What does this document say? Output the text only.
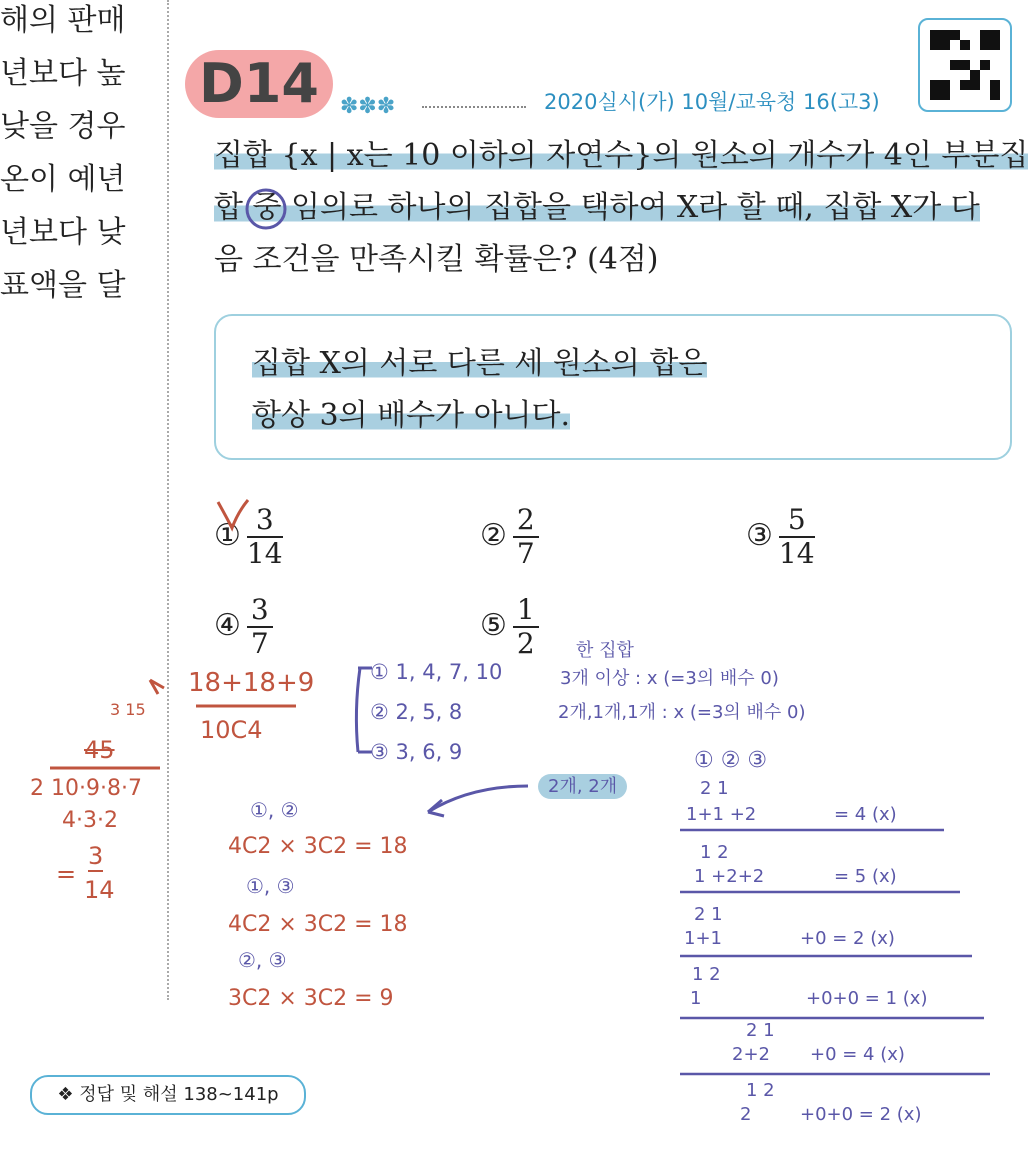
해의 판매
년보다 높
낮을 경우
온이 예년
년보다 낮
표액을 달
D14 ✽✽✽	2020실시(가) 10월/교육청 16(고3)
집합 {x | x는 10 이하의 자연수}의 원소의 개수가 4인 부분집
합 중 임의로 하나의 집합을 택하여 X라 할 때, 집합 X가 다
음 조건을 만족시킬 확률은? (4점)
집합 X의 서로 다른 세 원소의 합은
항상 3의 배수가 아니다.
① $\frac{3}{14}$	② $\frac{2}{7}$	③ $\frac{5}{14}$
④ $\frac{3}{7}$	⑤ $\frac{1}{2}$
18+18+9
10C4
3 15
45
2 10·9·8·7
4·3·2
=
3
14
① 1, 4, 7, 10
② 2, 5, 8
③ 3, 6, 9
한 집합
3개 이상 : x (=3의 배수 0)
2개,1개,1개 : x (=3의 배수 0)
2개, 2개
①, ②
4C2 × 3C2 = 18
①, ③
4C2 × 3C2 = 18
②, ③
3C2 × 3C2 = 9
① ② ③
2 1
1+1 +2	= 4 (x)
1 2
1 +2+2	= 5 (x)
2 1
1+1	+0 = 2 (x)
1 2
1	+0+0 = 1 (x)
2 1
2+2 +0 = 4 (x)
1 2
2	+0+0 = 2 (x)
❖ 정답 및 해설 138~141p
